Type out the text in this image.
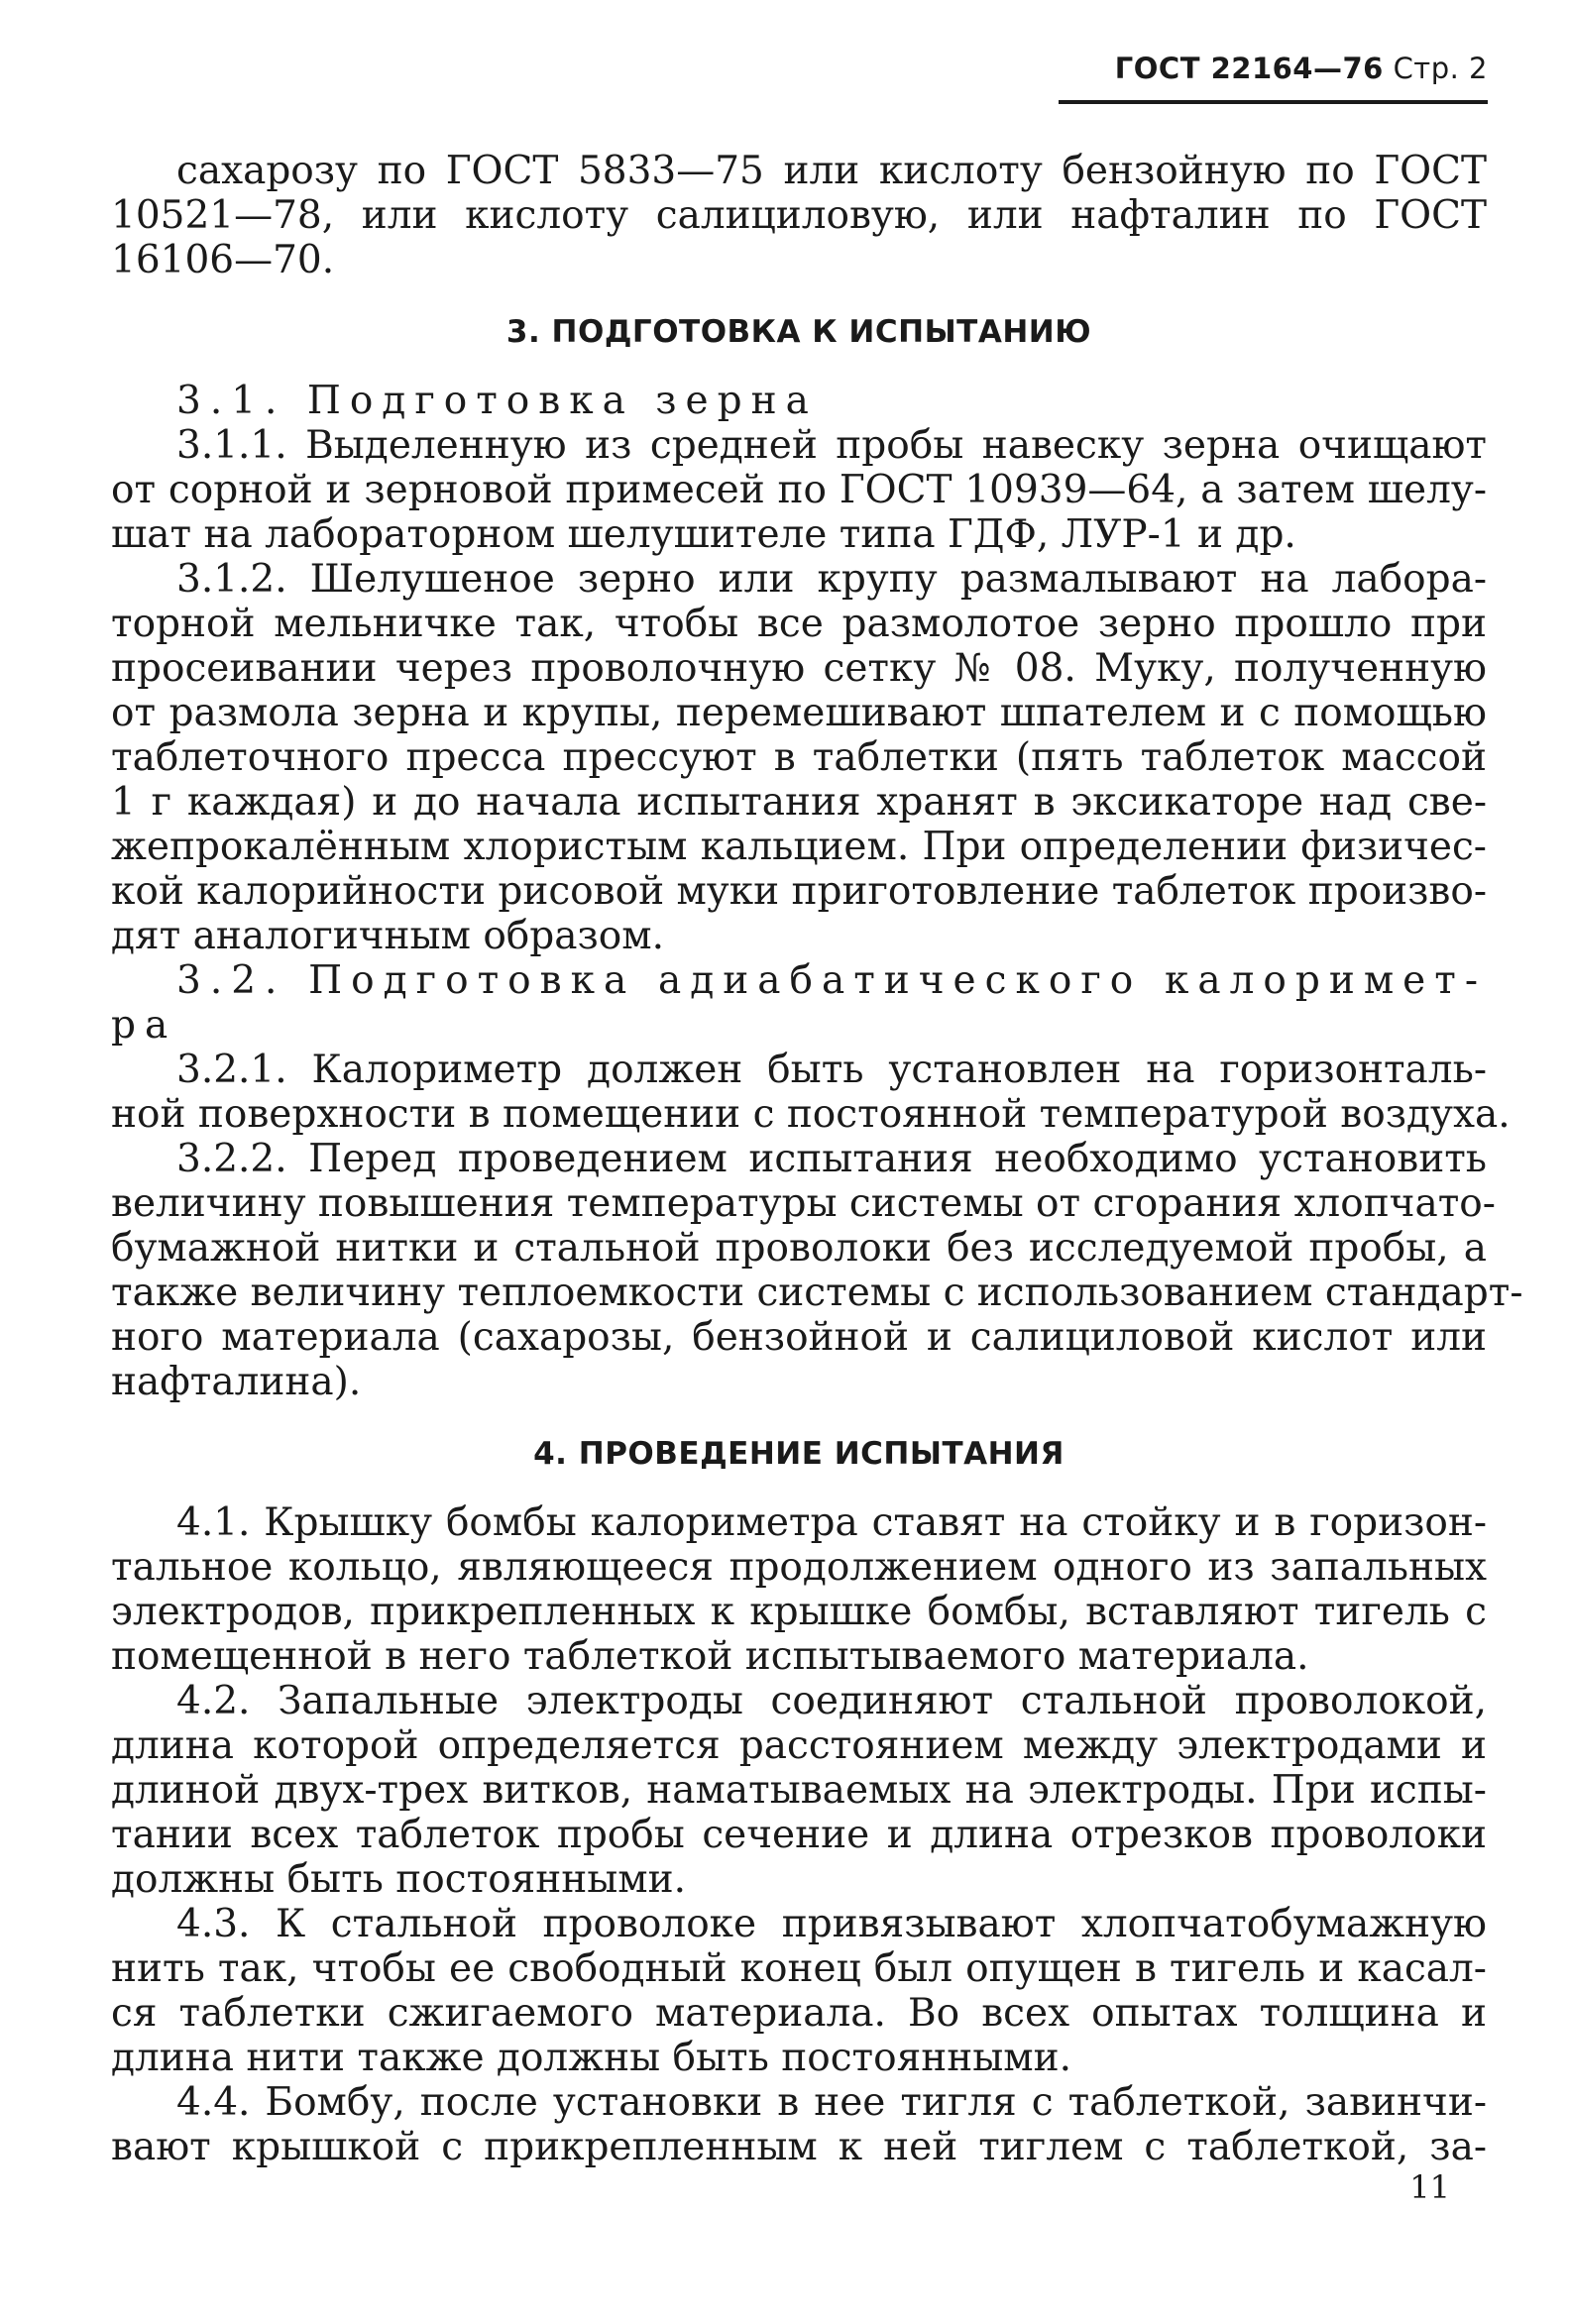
ГОСТ 22164—76 Стр. 2
сахарозу по ГОСТ 5833—75 или кислоту бензойную по ГОСТ
10521—78, или кислоту салициловую, или нафталин по ГОСТ
16106—70.
3. ПОДГОТОВКА К ИСПЫТАНИЮ
3.1. Подготовка зерна
3.1.1. Выделенную из средней пробы навеску зерна очищают
от сорной и зерновой примесей по ГОСТ 10939—64, а затем шелу-
шат на лабораторном шелушителе типа ГДФ, ЛУР-1 и др.
3.1.2. Шелушеное зерно или крупу размалывают на лабора-
торной мельничке так, чтобы все размолотое зерно прошло при
просеивании через проволочную сетку № 08. Муку, полученную
от размола зерна и крупы, перемешивают шпателем и с помощью
таблеточного пресса прессуют в таблетки (пять таблеток массой
1 г каждая) и до начала испытания хранят в эксикаторе над све-
жепрокалённым хлористым кальцием. При определении физичес-
кой калорийности рисовой муки приготовление таблеток произво-
дят аналогичным образом.
3.2. Подготовка адиабатического калоримет-
ра
3.2.1. Калориметр должен быть установлен на горизонталь-
ной поверхности в помещении с постоянной температурой воздуха.
3.2.2. Перед проведением испытания необходимо установить
величину повышения температуры системы от сгорания хлопчато-
бумажной нитки и стальной проволоки без исследуемой пробы, а
также величину теплоемкости системы с использованием стандарт-
ного материала (сахарозы, бензойной и салициловой кислот или
нафталина).
4. ПРОВЕДЕНИЕ ИСПЫТАНИЯ
4.1. Крышку бомбы калориметра ставят на стойку и в горизон-
тальное кольцо, являющееся продолжением одного из запальных
электродов, прикрепленных к крышке бомбы, вставляют тигель с
помещенной в него таблеткой испытываемого материала.
4.2. Запальные электроды соединяют стальной проволокой,
длина которой определяется расстоянием между электродами и
длиной двух-трех витков, наматываемых на электроды. При испы-
тании всех таблеток пробы сечение и длина отрезков проволоки
должны быть постоянными.
4.3. К стальной проволоке привязывают хлопчатобумажную
нить так, чтобы ее свободный конец был опущен в тигель и касал-
ся таблетки сжигаемого материала. Во всех опытах толщина и
длина нити также должны быть постоянными.
4.4. Бомбу, после установки в нее тигля с таблеткой, завинчи-
вают крышкой с прикрепленным к ней тиглем с таблеткой, за-
11
